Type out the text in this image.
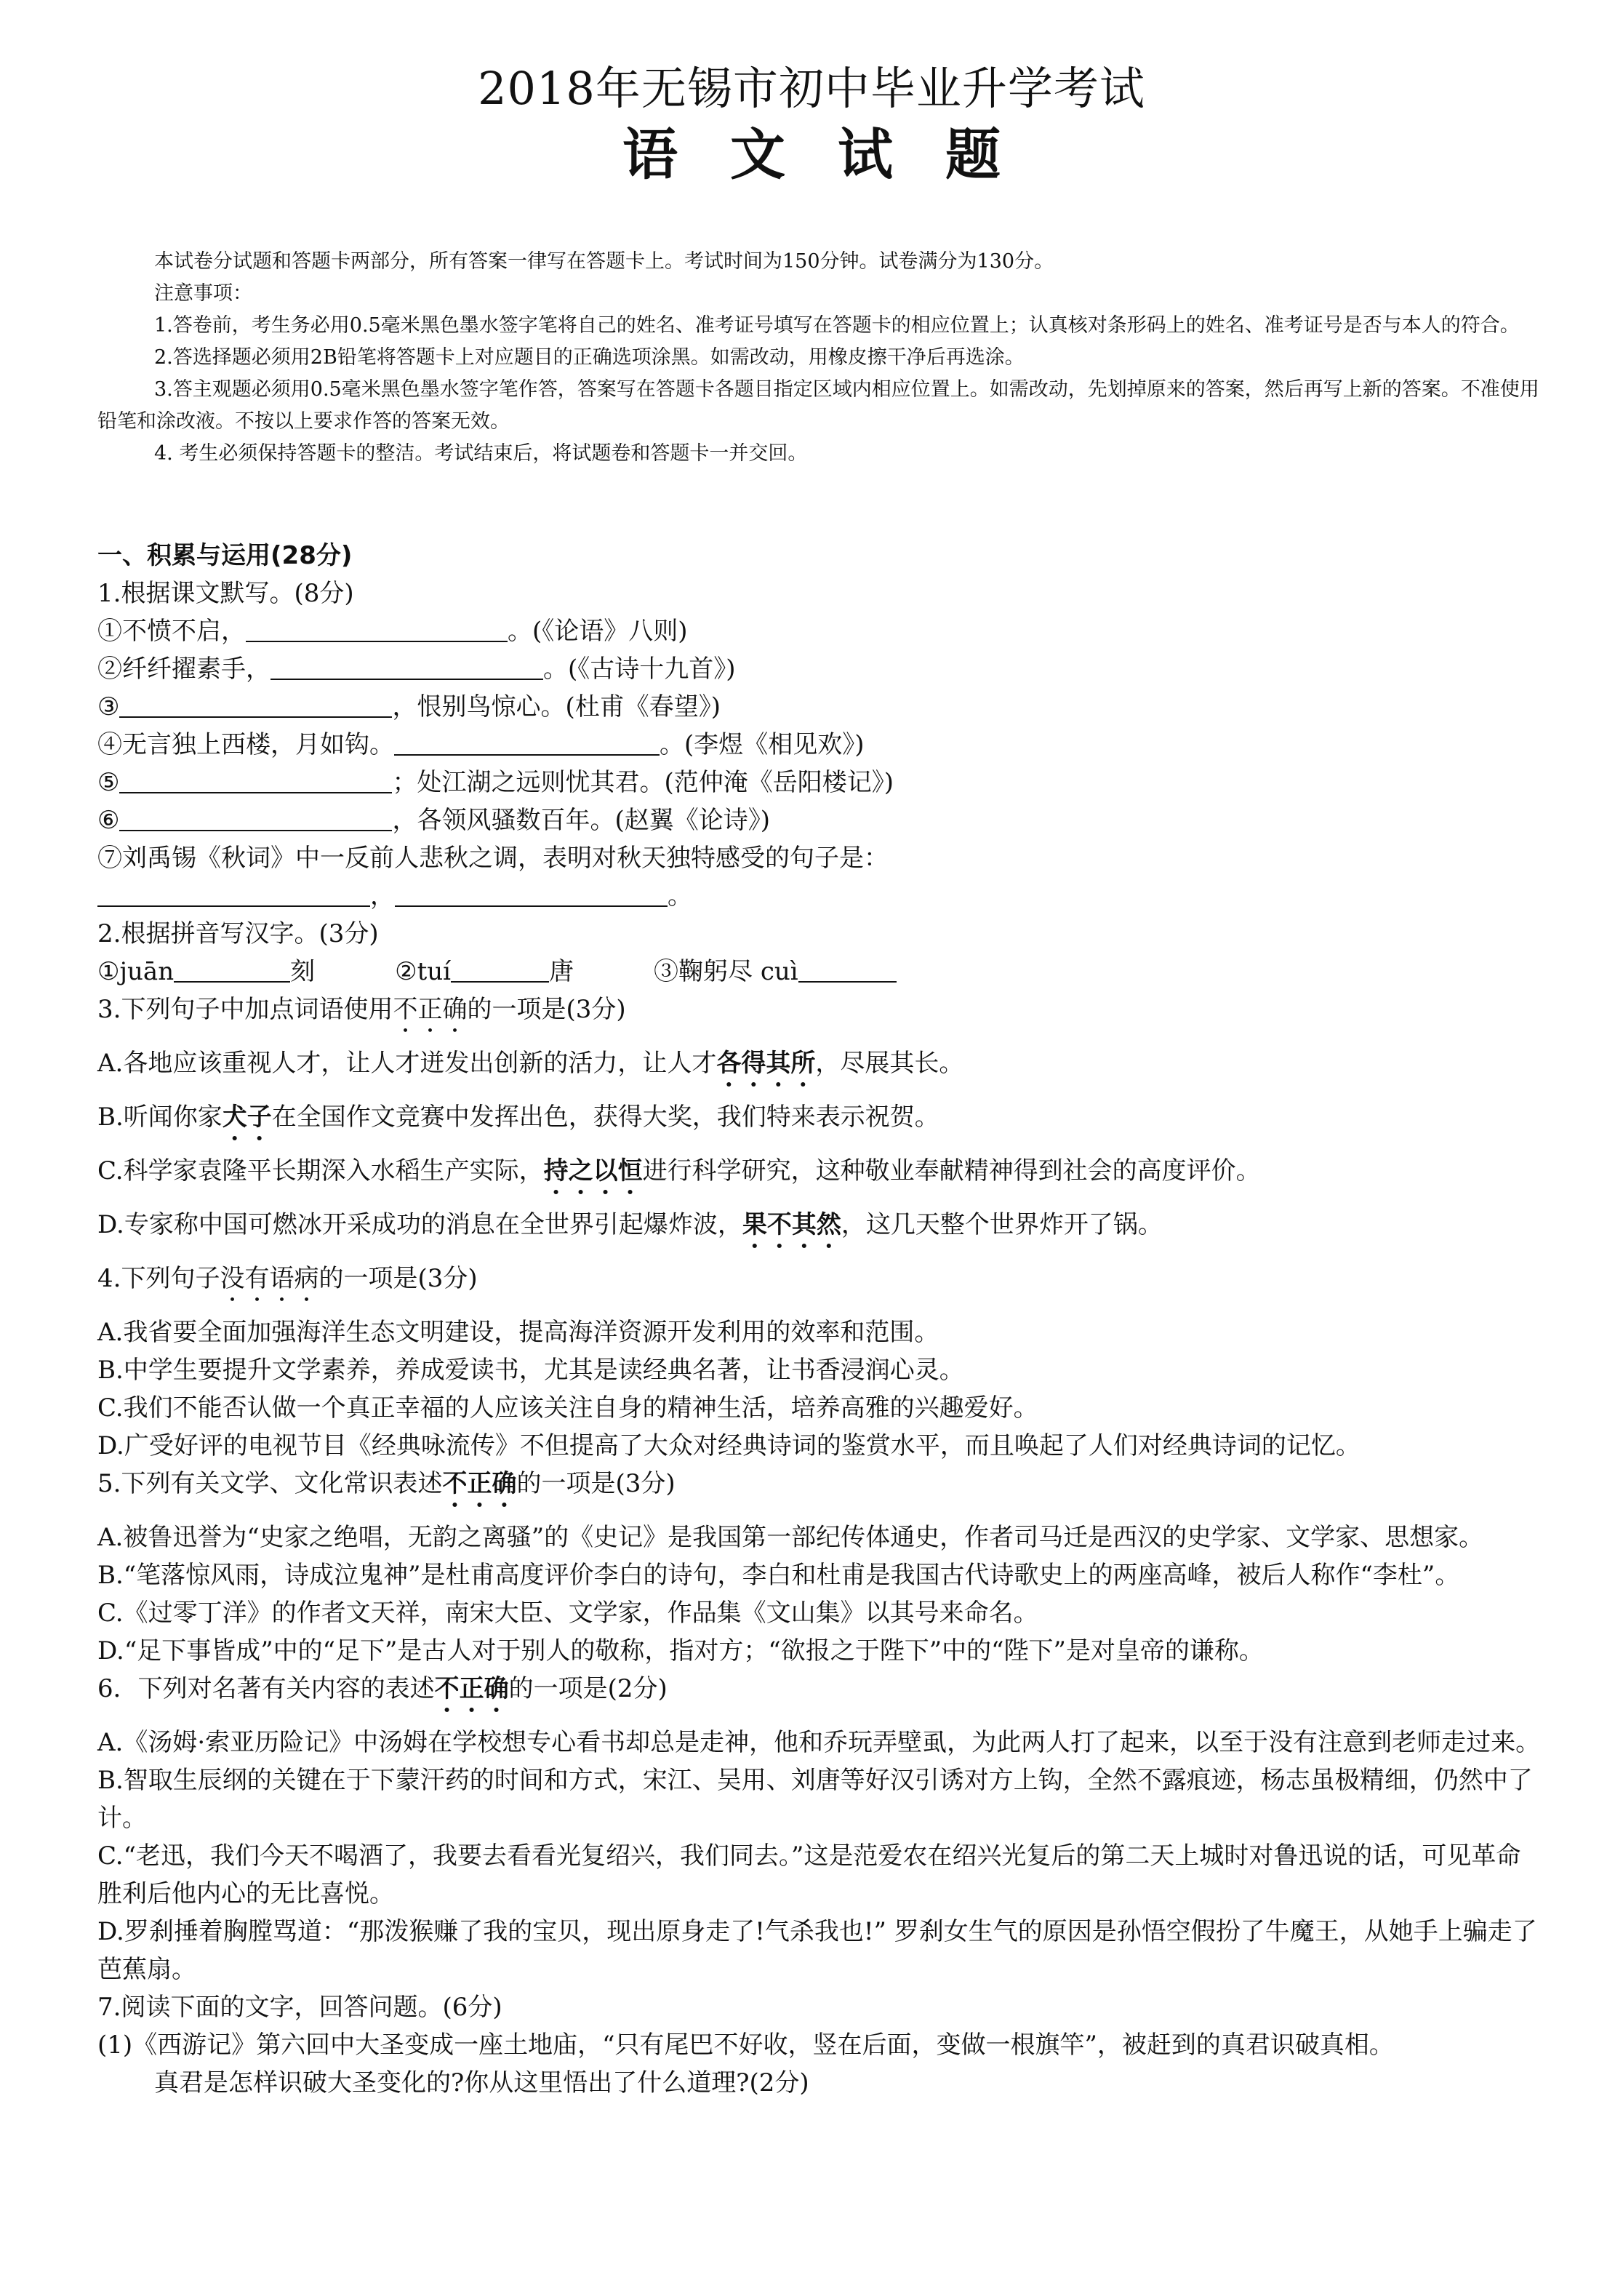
2018年无锡市初中毕业升学考试
语文试题

本试卷分试题和答题卡两部分，所有答案一律写在答题卡上。考试时间为150分钟。试卷满分为130分。

注意事项：

1.答卷前，考生务必用0.5毫米黑色墨水签字笔将自己的姓名、准考证号填写在答题卡的相应位置上；认真核对条形码上的姓名、准考证号是否与本人的符合。

2.答选择题必须用2B铅笔将答题卡上对应题目的正确选项涂黑。如需改动，用橡皮擦干净后再选涂。

3.答主观题必须用0.5毫米黑色墨水签字笔作答，答案写在答题卡各题目指定区域内相应位置上。如需改动，先划掉原来的答案，然后再写上新的答案。不准使用铅笔和涂改液。不按以上要求作答的答案无效。

4. 考生必须保持答题卡的整洁。考试结束后，将试题卷和答题卡一并交回。

一、积累与运用(28分)

1.根据课文默写。(8分)

①不愤不启，	。(《论语》八则)

②纤纤擢素手，	。(《古诗十九首》)

③	，恨别鸟惊心。(杜甫《春望》)

④无言独上西楼，月如钩。	。(李煜《相见欢》)

⑤	；处江湖之远则忧其君。(范仲淹《岳阳楼记》)

⑥	，各领风骚数百年。(赵翼《论诗》)

⑦刘禹锡《秋词》中一反前人悲秋之调，表明对秋天独特感受的句子是：

，	。

2.根据拼音写汉字。(3分)

①juān	刻	②tuí	唐	③鞠躬尽 cuì

3.下列句子中加点词语使用不正确的一项是(3分)

A.各地应该重视人才，让人才迸发出创新的活力，让人才各得其所，尽展其长。

B.听闻你家犬子在全国作文竞赛中发挥出色，获得大奖，我们特来表示祝贺。

C.科学家袁隆平长期深入水稻生产实际，持之以恒进行科学研究，这种敬业奉献精神得到社会的高度评价。

D.专家称中国可燃冰开采成功的消息在全世界引起爆炸波，果不其然，这几天整个世界炸开了锅。

4.下列句子没有语病的一项是(3分)

A.我省要全面加强海洋生态文明建设，提高海洋资源开发利用的效率和范围。

B.中学生要提升文学素养，养成爱读书，尤其是读经典名著，让书香浸润心灵。

C.我们不能否认做一个真正幸福的人应该关注自身的精神生活，培养高雅的兴趣爱好。

D.广受好评的电视节目《经典咏流传》不但提高了大众对经典诗词的鉴赏水平，而且唤起了人们对经典诗词的记忆。

5.下列有关文学、文化常识表述不正确的一项是(3分)

A.被鲁迅誉为“史家之绝唱，无韵之离骚”的《史记》是我国第一部纪传体通史，作者司马迁是西汉的史学家、文学家、思想家。

B.“笔落惊风雨，诗成泣鬼神”是杜甫高度评价李白的诗句，李白和杜甫是我国古代诗歌史上的两座高峰，被后人称作“李杜”。

C.《过零丁洋》的作者文天祥，南宋大臣、文学家，作品集《文山集》以其号来命名。

D.“足下事皆成”中的“足下”是古人对于别人的敬称，指对方；“欲报之于陛下”中的“陛下”是对皇帝的谦称。

6．下列对名著有关内容的表述不正确的一项是(2分)

A.《汤姆·索亚历险记》中汤姆在学校想专心看书却总是走神，他和乔玩弄壁虱，为此两人打了起来，以至于没有注意到老师走过来。

B.智取生辰纲的关键在于下蒙汗药的时间和方式，宋江、吴用、刘唐等好汉引诱对方上钩，全然不露痕迹，杨志虽极精细，仍然中了计。

C.“老迅，我们今天不喝酒了，我要去看看光复绍兴，我们同去。”这是范爱农在绍兴光复后的第二天上城时对鲁迅说的话，可见革命胜利后他内心的无比喜悦。

D.罗刹捶着胸膛骂道：“那泼猴赚了我的宝贝，现出原身走了!气杀我也!” 罗刹女生气的原因是孙悟空假扮了牛魔王，从她手上骗走了芭蕉扇。

7.阅读下面的文字，回答问题。(6分)

(1)《西游记》第六回中大圣变成一座土地庙，“只有尾巴不好收，竖在后面，变做一根旗竿”，被赶到的真君识破真相。

真君是怎样识破大圣变化的?你从这里悟出了什么道理?(2分)
